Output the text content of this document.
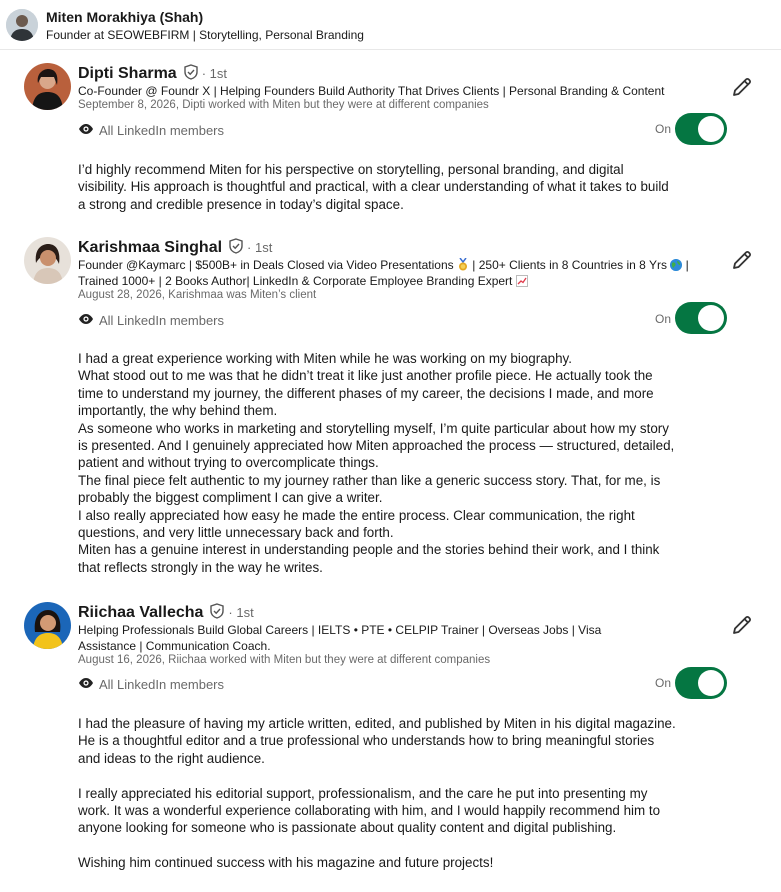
Miten Morakhiya (Shah)
Founder at SEOWEBFIRM | Storytelling, Personal Branding
Dipti Sharma · 1st
Co-Founder @ Foundr X | Helping Founders Build Authority That Drives Clients | Personal Branding & Content
September 8, 2026, Dipti worked with Miten but they were at different companies
All LinkedIn members	On

I’d highly recommend Miten for his perspective on storytelling, personal branding, and digital

visibility. His approach is thoughtful and practical, with a clear understanding of what it takes to build

a strong and credible presence in today’s digital space.

Karishmaa Singhal · 1st
Founder @Kaymarc | $500B+ in Deals Closed via Video Presentations  | 250+ Clients in 8 Countries in 8 Yrs  |
Trained 1000+ | 2 Books Author| LinkedIn & Corporate Employee Branding Expert
August 28, 2026, Karishmaa was Miten’s client
All LinkedIn members	On

I had a great experience working with Miten while he was working on my biography.

What stood out to me was that he didn’t treat it like just another profile piece. He actually took the

time to understand my journey, the different phases of my career, the decisions I made, and more

importantly, the why behind them.

As someone who works in marketing and storytelling myself, I’m quite particular about how my story

is presented. And I genuinely appreciated how Miten approached the process — structured, detailed,

patient and without trying to overcomplicate things.

The final piece felt authentic to my journey rather than like a generic success story. That, for me, is

probably the biggest compliment I can give a writer.

I also really appreciated how easy he made the entire process. Clear communication, the right

questions, and very little unnecessary back and forth.

Miten has a genuine interest in understanding people and the stories behind their work, and I think

that reflects strongly in the way he writes.

Riichaa Vallecha · 1st
Helping Professionals Build Global Careers | IELTS • PTE • CELPIP Trainer | Overseas Jobs | Visa Assistance | Communication Coach.
August 16, 2026, Riichaa worked with Miten but they were at different companies
All LinkedIn members	On

I had the pleasure of having my article written, edited, and published by Miten in his digital magazine.

He is a thoughtful editor and a true professional who understands how to bring meaningful stories

and ideas to the right audience.

I really appreciated his editorial support, professionalism, and the care he put into presenting my

work. It was a wonderful experience collaborating with him, and I would happily recommend him to

anyone looking for someone who is passionate about quality content and digital publishing.

Wishing him continued success with his magazine and future projects!
